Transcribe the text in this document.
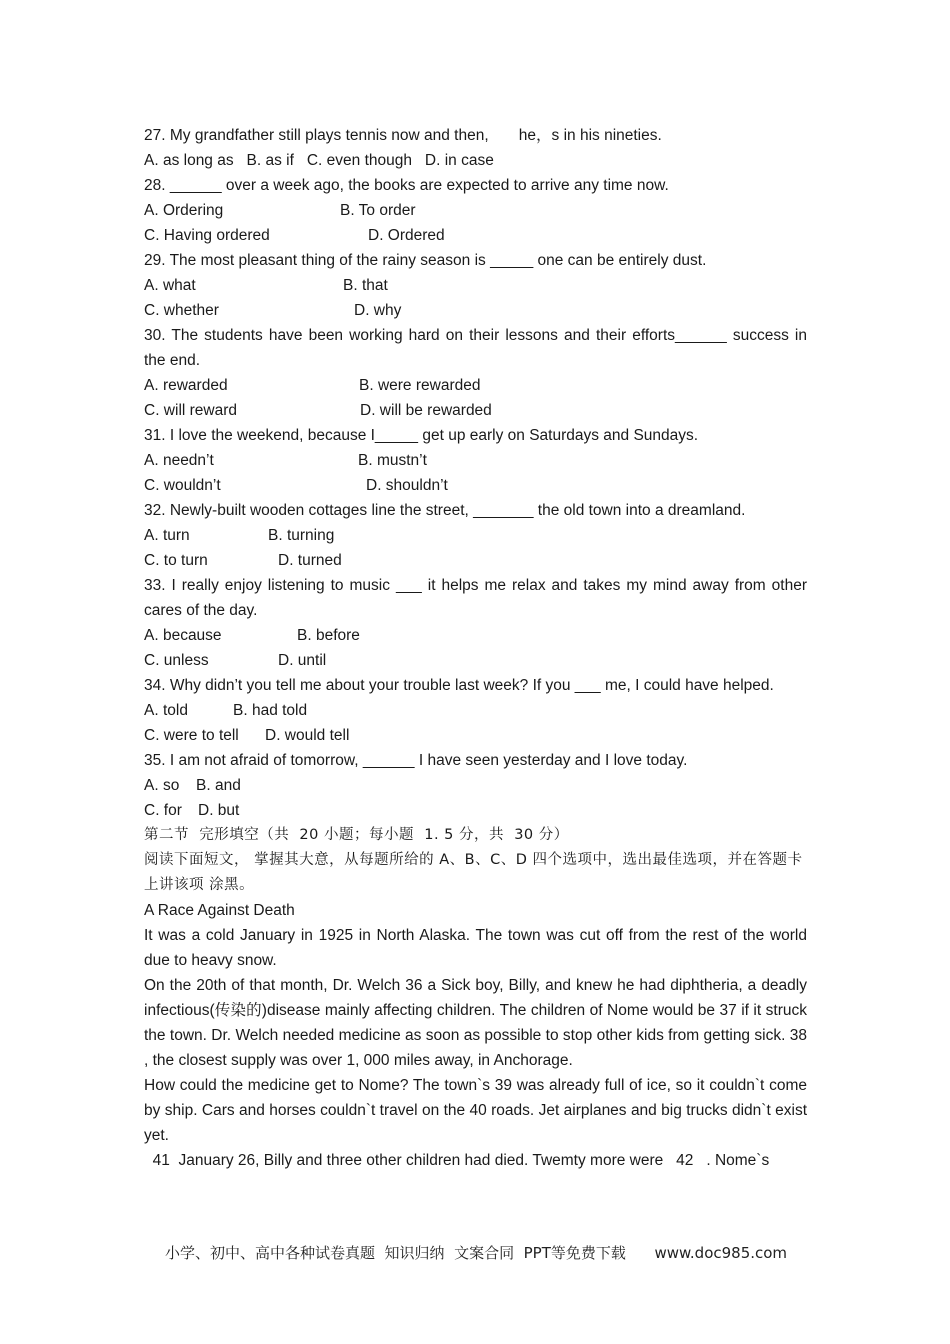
27. My grandfather still plays tennis now and then,       he，s in his nineties.
A. as long as B. as if C. even though D. in case
28. ______ over a week ago, the books are expected to arrive any time now.
A. Ordering	B. To order
C. Having ordered	D. Ordered
29. The most pleasant thing of the rainy season is _____ one can be entirely dust.
A. what	B. that
C. whether	D. why
30. The students have been working hard on their lessons and their efforts______ success in the end.
A. rewarded	B. were rewarded
C. will reward	D. will be rewarded
31. I love the weekend, because I_____ get up early on Saturdays and Sundays.
A. needn’t	B. mustn’t
C. wouldn’t	D. shouldn’t
32. Newly-built wooden cottages line the street, _______ the old town into a dreamland.
A. turn	B. turning
C. to turn	D. turned
33. I really enjoy listening to music ___ it helps me relax and takes my mind away from other cares of the day.
A. because	B. before
C. unless	D. until
34. Why didn’t you tell me about your trouble last week? If you ___ me, I could have helped.
A. told	B. had told
C. were to tell	D. would tell
35. I am not afraid of tomorrow, ______ I have seen yesterday and I love today.
A. so	B. and
C. for	D. but
第二节  完形填空（共  20 小题；每小题  1. 5 分，共  30 分）
阅读下面短文， 掌握其大意，从每题所给的 A、B、C、D 四个选项中，选出最佳选项，并在答题卡上讲该项 涂黑。
A Race Against Death
It was a cold January in 1925 in North Alaska. The town was cut off from the rest of the world due to heavy snow.
On the 20th of that month, Dr. Welch 36 a Sick boy, Billy, and knew he had diphtheria, a deadly infectious(传染的)disease mainly affecting children. The children of Nome would be 37 if it struck the town. Dr. Welch needed medicine as soon as possible to stop other kids from getting sick. 38 , the closest supply was over 1, 000 miles away, in Anchorage.
How could the medicine get to Nome? The town`s 39 was already full of ice, so it couldn`t come by ship. Cars and horses couldn`t travel on the 40 roads. Jet airplanes and big trucks didn`t exist yet.
41  January 26, Billy and three other children had died. Twemty more were   42   . Nome`s
小学、初中、高中各种试卷真题  知识归纳  文案合同  PPT等免费下载      www.doc985.com
